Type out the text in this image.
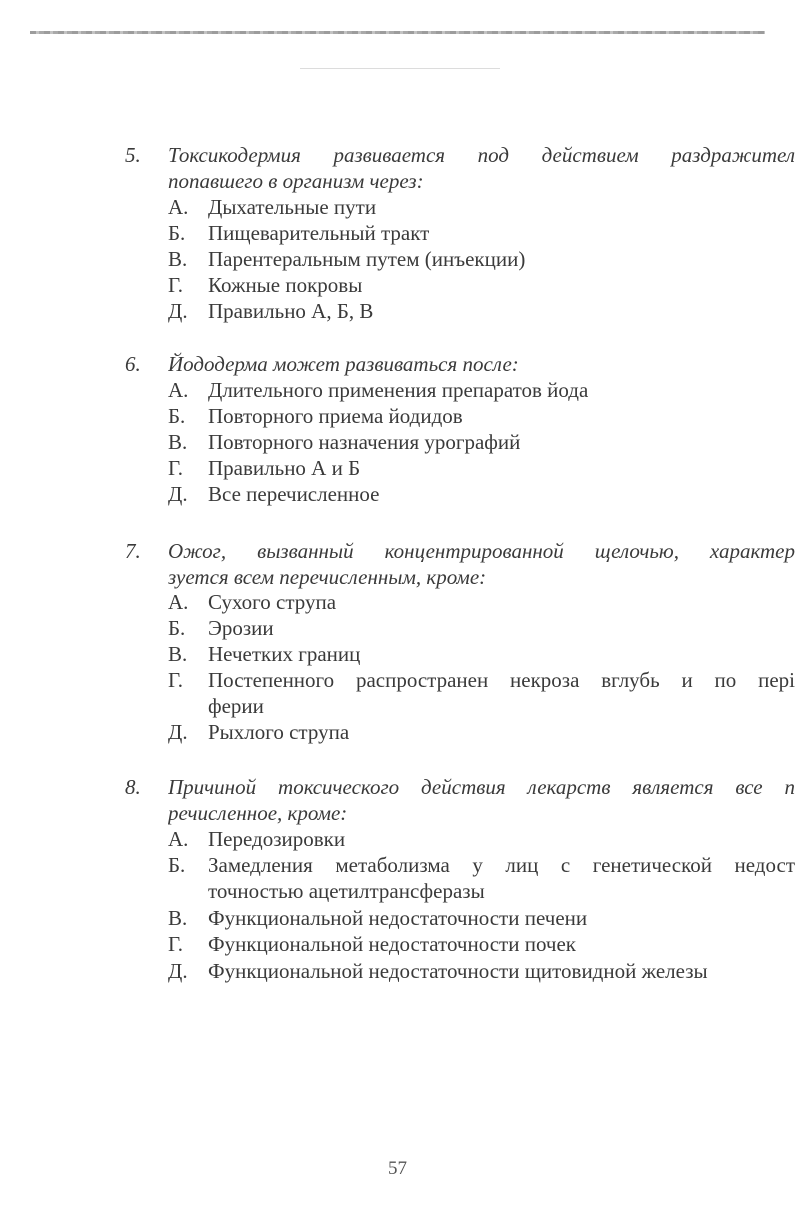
5. Токсикодермия развивается под действием раздражител
попавшего в организм через:
А. Дыхательные пути
Б. Пищеварительный тракт
В. Парентеральным путем (инъекции)
Г. Кожные покровы
Д. Правильно А, Б, В
6. Йододерма может развиваться после:
А. Длительного применения препаратов йода
Б. Повторного приема йодидов
В. Повторного назначения урографий
Г. Правильно А и Б
Д. Все перечисленное
7. Ожог, вызванный концентрированной щелочью, характер
зуется всем перечисленным, кроме:
А. Сухого струпа
Б. Эрозии
В. Нечетких границ
Г. Постепенного распространен некроза вглубь и по пері
ферии
Д. Рыхлого струпа
8. Причиной токсического действия лекарств является все п
речисленное, кроме:
А. Передозировки
Б. Замедления метаболизма у лиц с генетической недост
точностью ацетилтрансферазы
В. Функциональной недостаточности печени
Г. Функциональной недостаточности почек
Д. Функциональной недостаточности щитовидной железы
57
